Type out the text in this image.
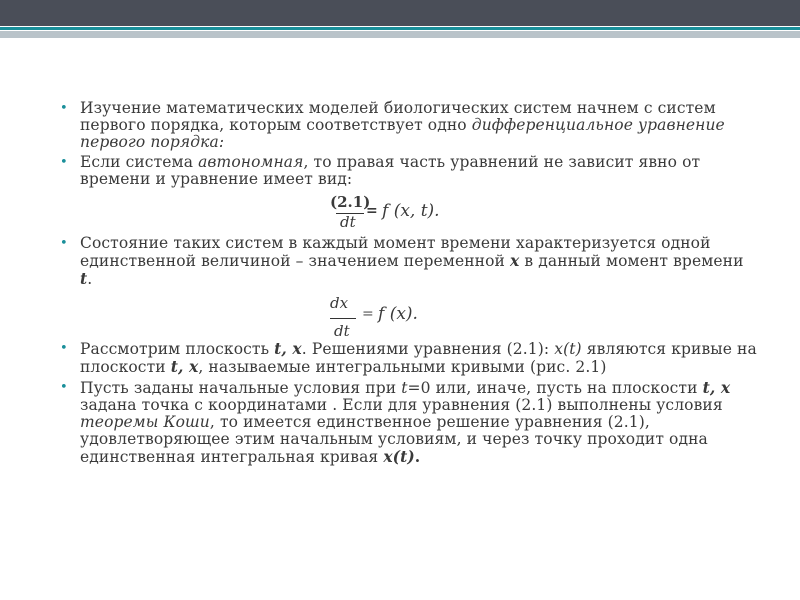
• Изучение математических моделей биологических систем начнем с систем первого порядка, которым соответствует одно дифференциальное уравнение первого порядка:

• Если система автономная, то правая часть уравнений не зависит явно от времени и уравнение имеет вид:

(2.1)
dt
= f (x, t).

• Состояние таких систем в каждый момент времени характеризуется одной единственной величиной – значением переменной x в данный момент времени t.

dx
dt
= f (x).

• Рассмотрим плоскость t, x. Решениями уравнения (2.1): x(t) являются кривые на плоскости t, x, называемые интегральными кривыми (рис. 2.1)

• Пусть заданы начальные условия при t=0 или, иначе, пусть на плоскости t, x задана точка с координатами . Если для уравнения (2.1) выполнены условия теоремы Коши, то имеется единственное решение уравнения (2.1), удовлетворяющее этим начальным условиям, и через точку проходит одна единственная интегральная кривая x(t).
